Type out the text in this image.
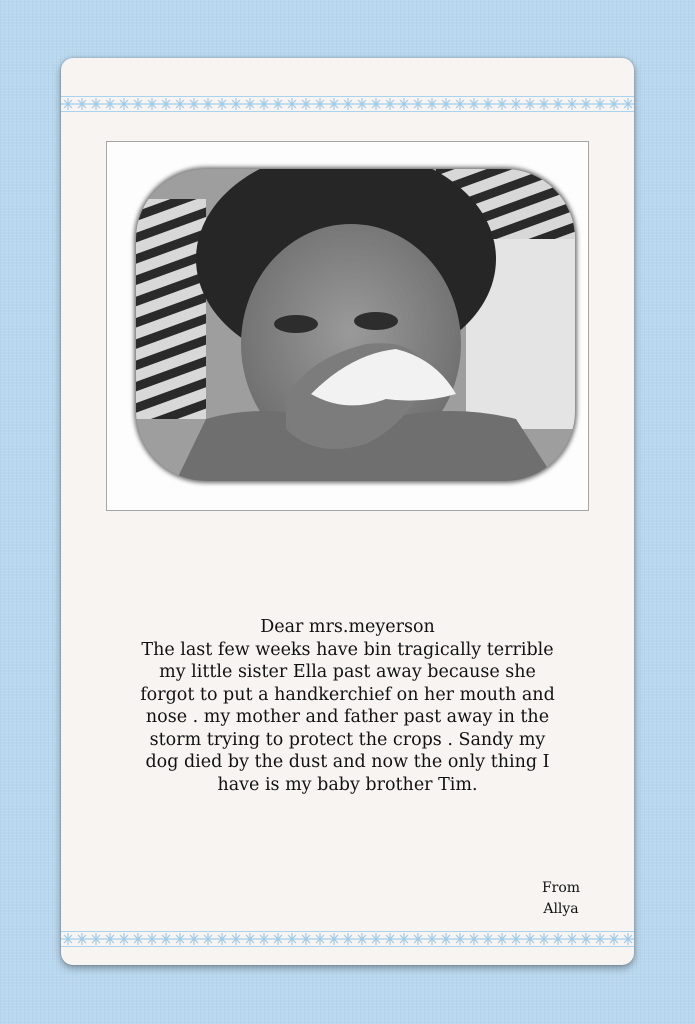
Dear mrs.meyerson

The last few weeks have bin tragically terrible

my little sister Ella past away because she

forgot to put a handkerchief on her mouth and

nose . my mother and father past away in the

storm trying to protect the crops . Sandy my

dog died by the dust and now the only thing I

have is my baby brother Tim.

From

Allya
